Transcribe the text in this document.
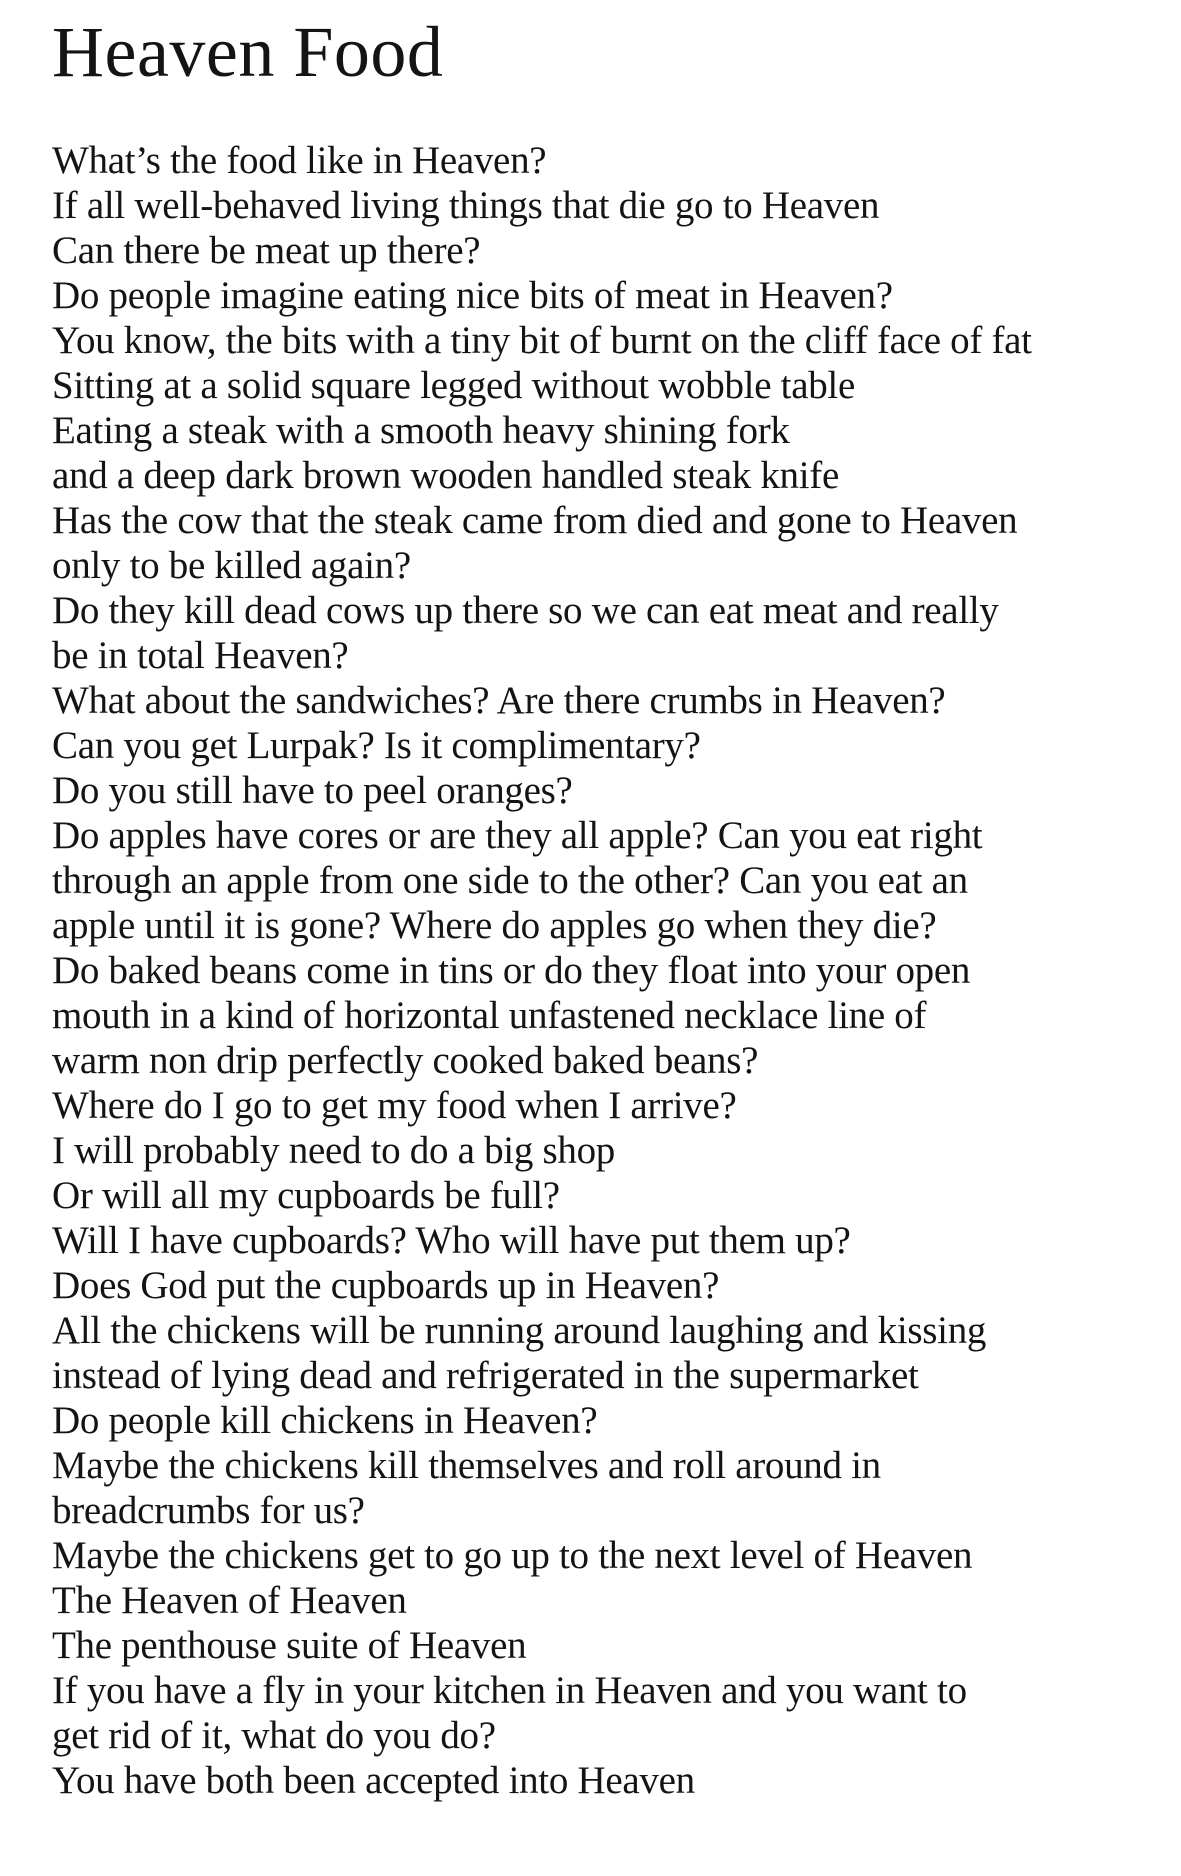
Heaven Food
What’s the food like in Heaven?
If all well-behaved living things that die go to Heaven
Can there be meat up there?
Do people imagine eating nice bits of meat in Heaven?
You know, the bits with a tiny bit of burnt on the cliff face of fat
Sitting at a solid square legged without wobble table
Eating a steak with a smooth heavy shining fork
and a deep dark brown wooden handled steak knife
Has the cow that the steak came from died and gone to Heaven
only to be killed again?
Do they kill dead cows up there so we can eat meat and really
be in total Heaven?
What about the sandwiches? Are there crumbs in Heaven?
Can you get Lurpak? Is it complimentary?
Do you still have to peel oranges?
Do apples have cores or are they all apple? Can you eat right
through an apple from one side to the other? Can you eat an
apple until it is gone? Where do apples go when they die?
Do baked beans come in tins or do they float into your open
mouth in a kind of horizontal unfastened necklace line of
warm non drip perfectly cooked baked beans?
Where do I go to get my food when I arrive?
I will probably need to do a big shop
Or will all my cupboards be full?
Will I have cupboards? Who will have put them up?
Does God put the cupboards up in Heaven?
All the chickens will be running around laughing and kissing
instead of lying dead and refrigerated in the supermarket
Do people kill chickens in Heaven?
Maybe the chickens kill themselves and roll around in
breadcrumbs for us?
Maybe the chickens get to go up to the next level of Heaven
The Heaven of Heaven
The penthouse suite of Heaven
If you have a fly in your kitchen in Heaven and you want to
get rid of it, what do you do?
You have both been accepted into Heaven
